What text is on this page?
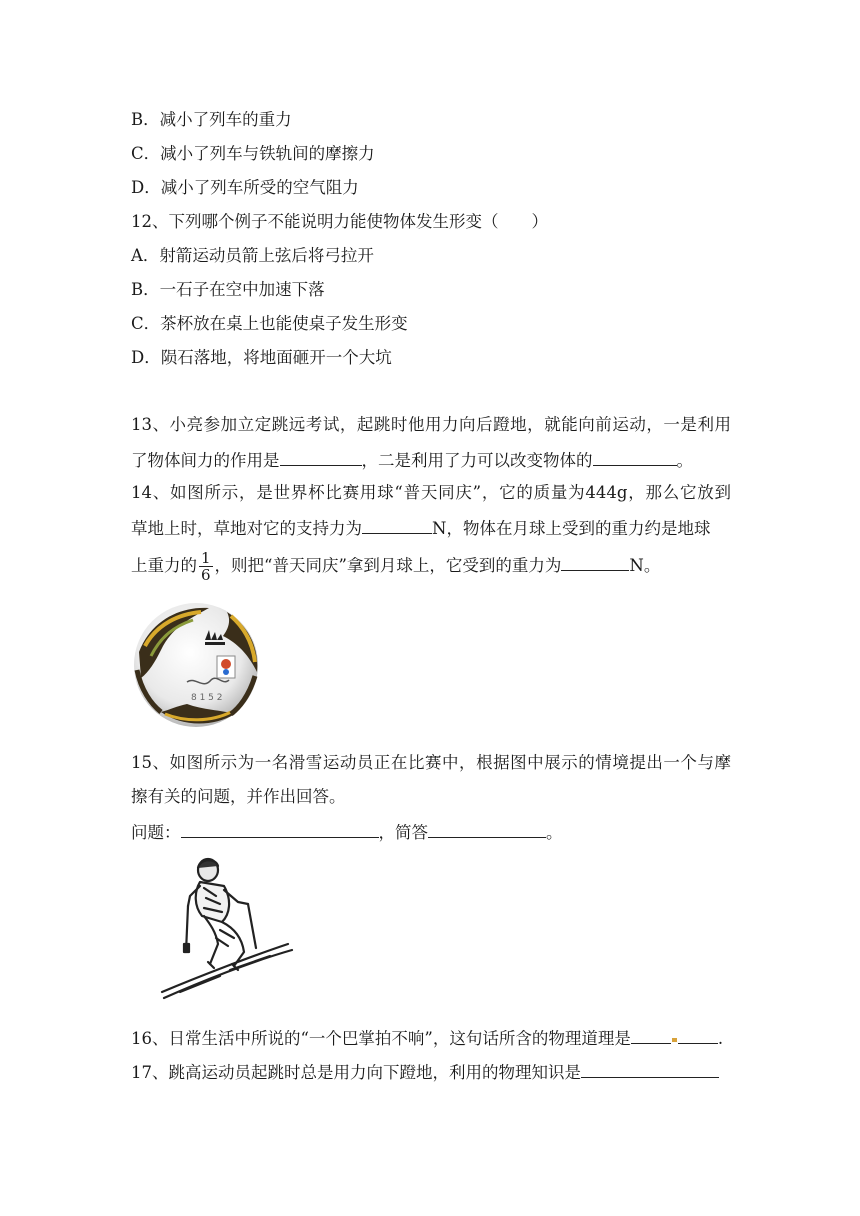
B．减小了列车的重力
C．减小了列车与铁轨间的摩擦力
D．减小了列车所受的空气阻力
12、下列哪个例子不能说明力能使物体发生形变（　　）
A．射箭运动员箭上弦后将弓拉开
B．一石子在空中加速下落
C．茶杯放在桌上也能使桌子发生形变
D．陨石落地，将地面砸开一个大坑
13、小亮参加立定跳远考试，起跳时他用力向后蹬地，就能向前运动，一是利用
了物体间力的作用是	，二是利用了力可以改变物体的	。
14、如图所示，是世界杯比赛用球“普天同庆”，它的质量为444g，那么它放到
草地上时，草地对它的支持力为	N，物体在月球上受到的重力约是地球
上重力的 $\frac{1}{6}$ ，则把“普天同庆”拿到月球上，它受到的重力为	N。
8 1 5 2
15、如图所示为一名滑雪运动员正在比赛中，根据图中展示的情境提出一个与摩
擦有关的问题，并作出回答。
问题：	，简答	。
16、日常生活中所说的“一个巴掌拍不响”，这句话所含的物理道理是	.
17、跳高运动员起跳时总是用力向下蹬地，利用的物理知识是
